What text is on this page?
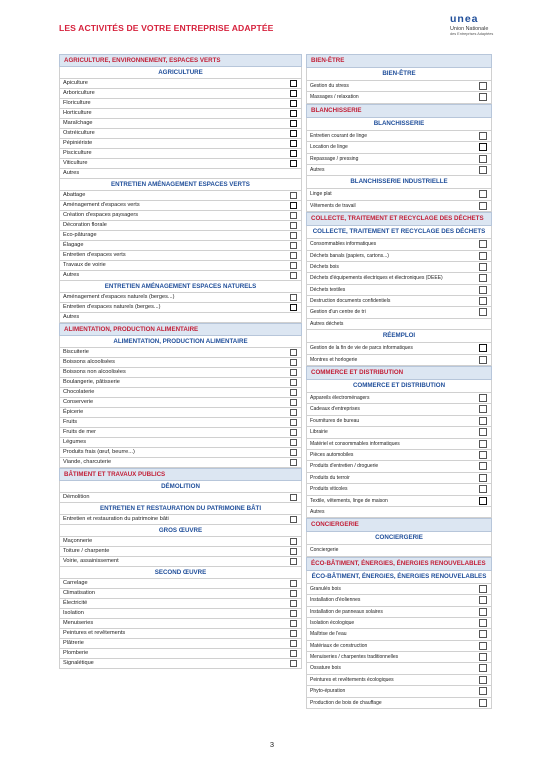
LES ACTIVITÉS DE VOTRE ENTREPRISE ADAPTÉE
unea
Union Nationale
des Entreprises Adaptées
AGRICULTURE, ENVIRONNEMENT, ESPACES VERTS
AGRICULTURE
Apiculture
Arboriculture
Floriculture
Horticulture
Maraîchage
Ostréiculture
Pépiniériste
Pisciculture
Viticulture
Autres
ENTRETIEN AMÉNAGEMENT ESPACES VERTS
Abattage
Aménagement d'espaces verts
Création d'espaces paysagers
Décoration florale
Eco-pâturage
Élagage
Entretien d'espaces verts
Travaux de voirie
Autres
ENTRETIEN AMÉNAGEMENT ESPACES NATURELS
Aménagement d'espaces naturels (berges...)
Entretien d'espaces naturels (berges...)
Autres
ALIMENTATION, PRODUCTION ALIMENTAIRE
ALIMENTATION, PRODUCTION ALIMENTAIRE
Biscuiterie
Boissons alcoolisées
Boissons non alcoolisées
Boulangerie, pâtisserie
Chocolaterie
Conserverie
Épicerie
Fruits
Fruits de mer
Légumes
Produits frais (œuf, beurre...)
Viande, charcuterie
BÂTIMENT ET TRAVAUX PUBLICS
DÉMOLITION
Démolition
ENTRETIEN ET RESTAURATION DU PATRIMOINE BÂTI
Entretien et restauration du patrimoine bâti
GROS ŒUVRE
Maçonnerie
Toiture / charpente
Voirie, assainissement
SECOND ŒUVRE
Carrelage
Climatisation
Électricité
Isolation
Menuiseries
Peintures et revêtements
Plâtrerie
Plomberie
Signalétique
BIEN-ÊTRE
BIEN-ÊTRE
Gestion du stress
Massages / relaxation
BLANCHISSERIE
BLANCHISSERIE
Entretien courant de linge
Location de linge
Repassage / pressing
Autres
BLANCHISSERIE INDUSTRIELLE
Linge plat
Vêtements de travail
COLLECTE, TRAITEMENT ET RECYCLAGE DES DÉCHETS
COLLECTE, TRAITEMENT ET RECYCLAGE DES DÉCHETS
Consommables informatiques
Déchets banals (papiers, cartons...)
Déchets bois
Déchets d'équipements électriques et électroniques (DEEE)
Déchets textiles
Destruction documents confidentiels
Gestion d'un centre de tri
Autres déchets
RÉEMPLOI
Gestion de la fin de vie de parcs informatiques
Montres et horlogerie
COMMERCE ET DISTRIBUTION
COMMERCE ET DISTRIBUTION
Appareils électroménagers
Cadeaux d'entreprises
Fournitures de bureau
Librairie
Matériel et consommables informatiques
Pièces automobiles
Produits d'entretien / droguerie
Produits du terroir
Produits viticoles
Textile, vêtements, linge de maison
Autres
CONCIERGERIE
CONCIERGERIE
Conciergerie
ÉCO-BÂTIMENT, ÉNERGIES, ÉNERGIES RENOUVELABLES
ÉCO-BÂTIMENT, ÉNERGIES, ÉNERGIES RENOUVELABLES
Granulés bois
Installation d'éoliennes
Installation de panneaux solaires
Isolation écologique
Maîtrise de l'eau
Matériaux de construction
Menuiseries / charpentes traditionnelles
Ossature bois
Peintures et revêtements écologiques
Phyto-épuration
Production de bois de chauffage
3
